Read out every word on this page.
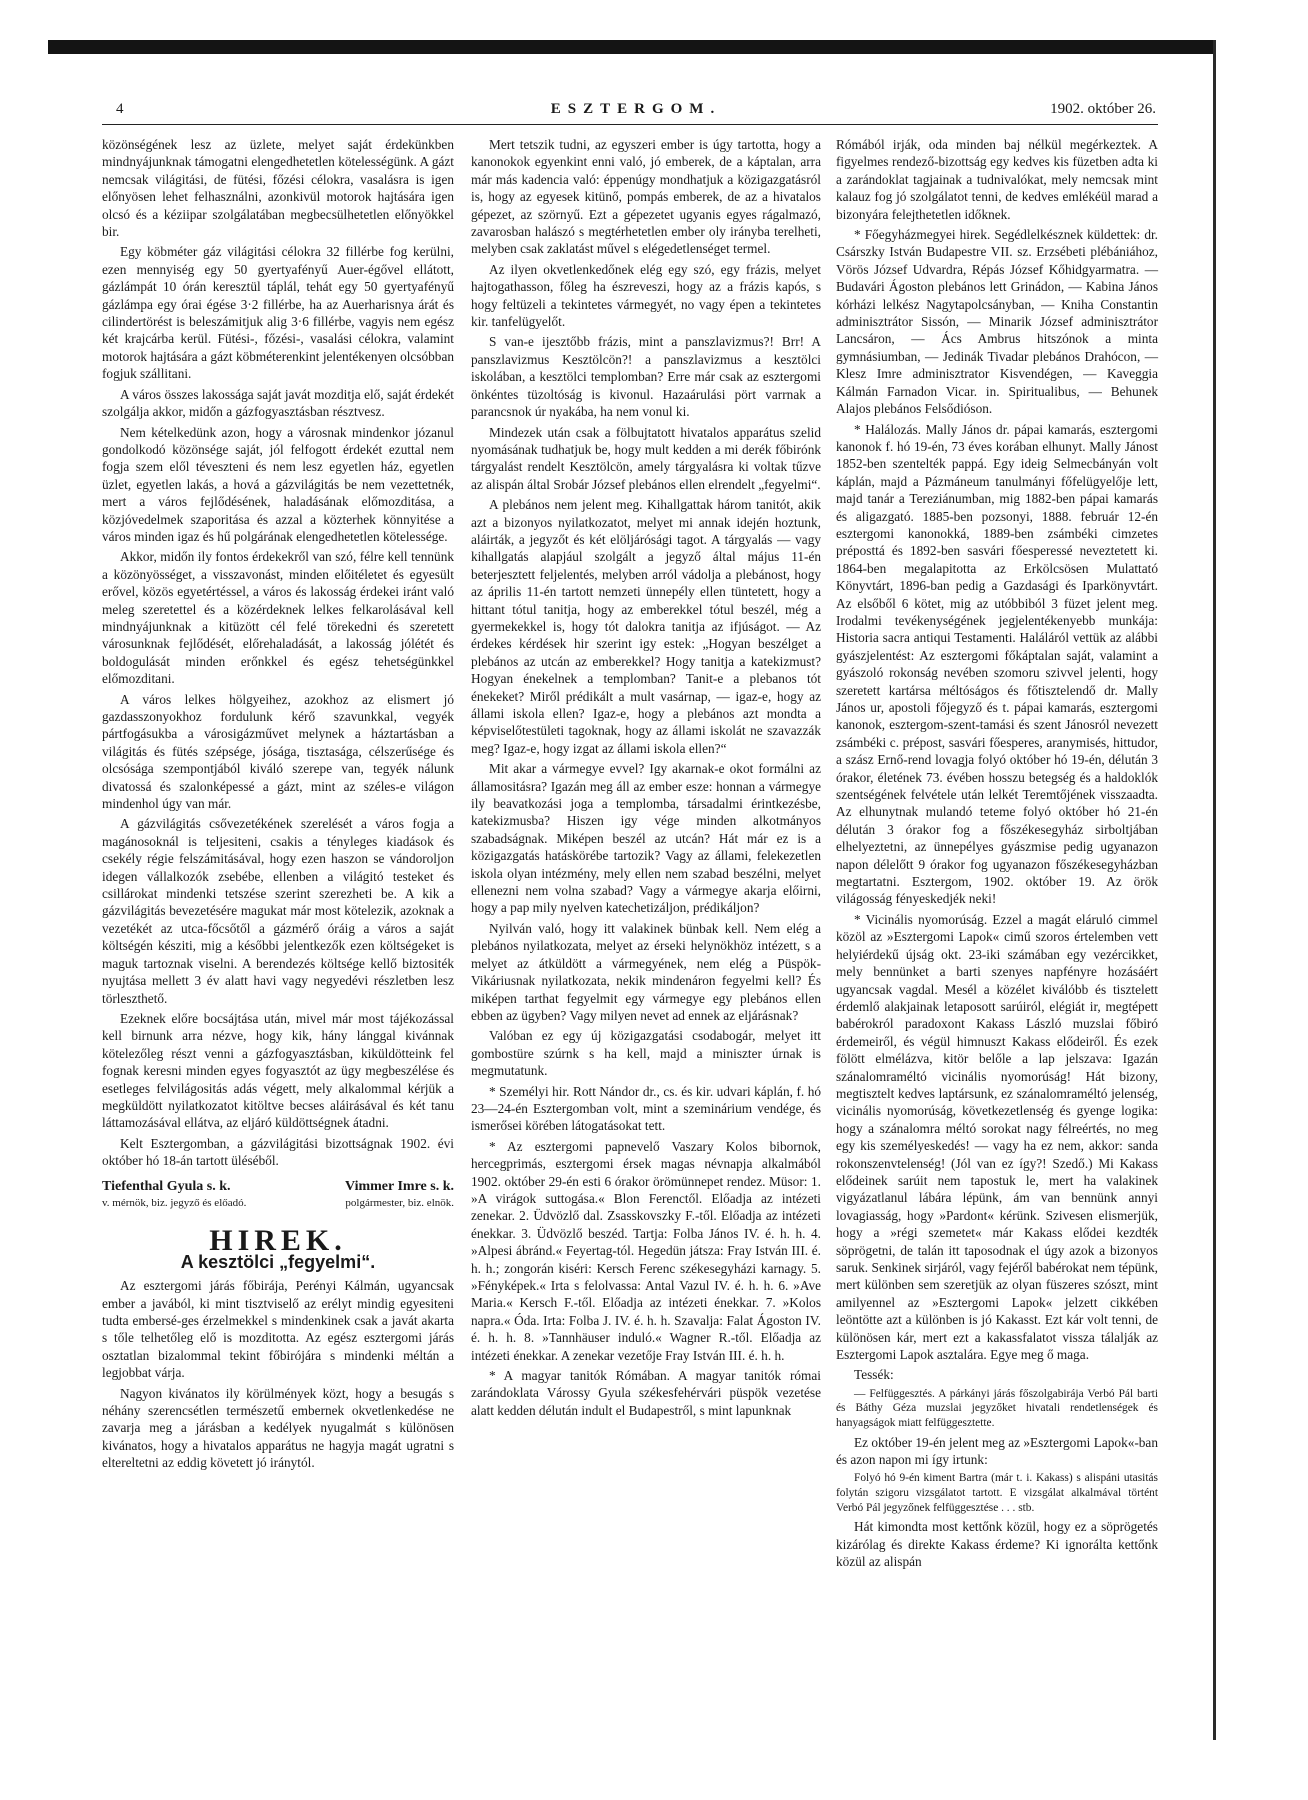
4	ESZTERGOM.	1902. október 26.

közönségének lesz az üzlete, melyet saját érdekünkben mindnyájunknak támogatni elengedhetetlen kötelességünk. A gázt nemcsak világitási, de fütési, főzési célokra, vasalásra is igen előnyösen lehet felhasználni, azonkivül motorok hajtására igen olcsó és a kéziipar szolgálatában megbecsülhetetlen előnyökkel bir.

Egy köbméter gáz világitási célokra 32 fillérbe fog kerülni, ezen mennyiség egy 50 gyertyafényű Auer-égővel ellátott, gázlámpát 10 órán keresztül táplál, tehát egy 50 gyertyafényű gázlámpa egy órai égése 3·2 fillérbe, ha az Auerharisnya árát és cilindertörést is beleszámitjuk alig 3·6 fillérbe, vagyis nem egész két krajcárba kerül. Fütési-, főzési-, vasalási célokra, valamint motorok hajtására a gázt köbméterenkint jelentékenyen olcsóbban fogjuk szállitani.

A város összes lakossága saját javát mozditja elő, saját érdekét szolgálja akkor, midőn a gázfogyasztásban résztvesz.

Nem kételkedünk azon, hogy a városnak mindenkor józanul gondolkodó közönsége saját, jól felfogott érdekét ezuttal nem fogja szem elől téveszteni és nem lesz egyetlen ház, egyetlen üzlet, egyetlen lakás, a hová a gázvilágitás be nem vezettetnék, mert a város fejlődésének, haladásának előmozditása, a közjóvedelmek szaporitása és azzal a közterhek könnyitése a város minden igaz és hű polgárának elengedhetetlen kötelessége.

Akkor, midőn ily fontos érdekekről van szó, félre kell tennünk a közönyösséget, a visszavonást, minden előitéletet és egyesült erővel, közös egyetértéssel, a város és lakosság érdekei iránt való meleg szeretettel és a közérdeknek lelkes felkarolásával kell mindnyájunknak a kitüzött cél felé törekedni és szeretett városunknak fejlődését, előrehaladását, a lakosság jólétét és boldogulását minden erőnkkel és egész tehetségünkkel előmozditani.

A város lelkes hölgyeihez, azokhoz az elismert jó gazdasszonyokhoz fordulunk kérő szavunkkal, vegyék pártfogásukba a városigázművet melynek a háztartásban a világitás és fütés szépsége, jósága, tisztasága, célszerűsége és olcsósága szempontjából kiváló szerepe van, tegyék nálunk divatossá és szalonképessé a gázt, mint az széles-e világon mindenhol úgy van már.

A gázvilágitás csővezetékének szerelését a város fogja a magánosoknál is teljesiteni, csakis a tényleges kiadások és csekély régie felszámitásával, hogy ezen haszon se vándoroljon idegen vállalkozók zsebébe, ellenben a világitó testeket és csillárokat mindenki tetszése szerint szerezheti be. A kik a gázvilágitás bevezetésére magukat már most kötelezik, azoknak a vezetékét az utca-főcsőtől a gázmérő óráig a város a saját költségén késziti, mig a későbbi jelentkezők ezen költségeket is maguk tartoznak viselni. A berendezés költsége kellő biztositék nyujtása mellett 3 év alatt havi vagy negyedévi részletben lesz törleszthető.

Ezeknek előre bocsájtása után, mivel már most tájékozással kell birnunk arra nézve, hogy kik, hány lánggal kivánnak kötelezőleg részt venni a gázfogyasztásban, kiküldötteink fel fognak keresni minden egyes fogyasztót az ügy megbeszélése és esetleges felvilágositás adás végett, mely alkalommal kérjük a megküldött nyilatkozatot kitöltve becses aláirásával és két tanu láttamozásával ellátva, az eljáró küldöttségnek átadni.

Kelt Esztergomban, a gázvilágitási bizottságnak 1902. évi október hó 18-án tartott üléséből.

Tiefenthal Gyula s. k.	Vimmer Imre s. k.
v. mérnök, biz. jegyző és előadó.	polgármester, biz. elnök.
HIREK.
A kesztölci „fegyelmi“.

Az esztergomi járás főbirája, Perényi Kálmán, ugyancsak ember a javából, ki mint tisztviselő az erélyt mindig egyesiteni tudta embersé-ges érzelmekkel s mindenkinek csak a javát akarta s tőle telhetőleg elő is mozditotta. Az egész esztergomi járás osztatlan bizalommal tekint főbirójára s mindenki méltán a legjobbat várja.

Nagyon kivánatos ily körülmények közt, hogy a besugás s néhány szerencsétlen természetű embernek okvetlenkedése ne zavarja meg a járásban a kedélyek nyugalmát s különösen kivánatos, hogy a hivatalos apparátus ne hagyja magát ugratni s eltereltetni az eddig követett jó iránytól.

Mert tetszik tudni, az egyszeri ember is úgy tartotta, hogy a kanonokok egyenkint enni való, jó emberek, de a káptalan, arra már más kadencia való: éppenúgy mondhatjuk a közigazgatásról is, hogy az egyesek kitünő, pompás emberek, de az a hivatalos gépezet, az szörnyű. Ezt a gépezetet ugyanis egyes rágalmazó, zavarosban halászó s megtérhetetlen ember oly irányba terelheti, melyben csak zaklatást művel s elégedetlenséget termel.

Az ilyen okvetlenkedőnek elég egy szó, egy frázis, melyet hajtogathasson, főleg ha észreveszi, hogy az a frázis kapós, s hogy feltüzeli a tekintetes vármegyét, no vagy épen a tekintetes kir. tanfelügyelőt.

S van-e ijesztőbb frázis, mint a panszlavizmus?! Brr! A panszlavizmus Kesztölcön?! a panszlavizmus a kesztölci iskolában, a kesztölci templomban? Erre már csak az esztergomi önkéntes tüzoltóság is kivonul. Hazaárulási pört varrnak a parancsnok úr nyakába, ha nem vonul ki.

Mindezek után csak a fölbujtatott hivatalos apparátus szelid nyomásának tudhatjuk be, hogy mult kedden a mi derék főbirónk tárgyalást rendelt Kesztölcön, amely tárgyalásra ki voltak tűzve az alispán által Srobár József plebános ellen elrendelt „fegyelmi“.

A plebános nem jelent meg. Kihallgattak három tanitót, akik azt a bizonyos nyilatkozatot, melyet mi annak idején hoztunk, aláirták, a jegyzőt és két elöljárósági tagot. A tárgyalás — vagy kihallgatás alapjául szolgált a jegyző által május 11-én beterjesztett feljelentés, melyben arról vádolja a plebánost, hogy az április 11-én tartott nemzeti ünnepély ellen tüntetett, hogy a hittant tótul tanitja, hogy az emberekkel tótul beszél, még a gyermekekkel is, hogy tót dalokra tanitja az ifjúságot. — Az érdekes kérdések hir szerint igy estek: „Hogyan beszélget a plebános az utcán az emberekkel? Hogy tanitja a katekizmust? Hogyan énekelnek a templomban? Tanit-e a plebanos tót énekeket? Miről prédikált a mult vasárnap, — igaz-e, hogy az állami iskola ellen? Igaz-e, hogy a plebános azt mondta a képviselőtestületi tagoknak, hogy az állami iskolát ne szavazzák meg? Igaz-e, hogy izgat az állami iskola ellen?“

Mit akar a vármegye evvel? Igy akarnak-e okot formálni az államositásra? Igazán meg áll az ember esze: honnan a vármegye ily beavatkozási joga a templomba, társadalmi érintkezésbe, katekizmusba? Hiszen igy vége minden alkotmányos szabadságnak. Miképen beszél az utcán? Hát már ez is a közigazgatás hatáskörébe tartozik? Vagy az állami, felekezetlen iskola olyan intézmény, mely ellen nem szabad beszélni, melyet ellenezni nem volna szabad? Vagy a vármegye akarja előirni, hogy a pap mily nyelven katechetizáljon, prédikáljon?

Nyilván való, hogy itt valakinek bünbak kell. Nem elég a plebános nyilatkozata, melyet az érseki helynökhöz intézett, s a melyet az átküldött a vármegyének, nem elég a Püspök-Vikáriusnak nyilatkozata, nekik mindenáron fegyelmi kell? És miképen tarthat fegyelmit egy vármegye egy plebános ellen ebben az ügyben? Vagy milyen nevet ad ennek az eljárásnak?

Valóban ez egy új közigazgatási csodabogár, melyet itt gombostüre szúrnk s ha kell, majd a miniszter úrnak is megmutatunk.

* Személyi hir. Rott Nándor dr., cs. és kir. udvari káplán, f. hó 23—24-én Esztergomban volt, mint a szeminárium vendége, és ismerősei körében látogatásokat tett.

* Az esztergomi papnevelő Vaszary Kolos bibornok, hercegprimás, esztergomi érsek magas névnapja alkalmából 1902. október 29-én esti 6 órakor örömünnepet rendez. Müsor: 1. »A virágok suttogása.« Blon Ferenctől. Előadja az intézeti zenekar. 2. Üdvözlő dal. Zsasskovszky F.-től. Előadja az intézeti énekkar. 3. Üdvözlő beszéd. Tartja: Folba János IV. é. h. h. 4. »Alpesi ábránd.« Feyertag-tól. Hegedün játsza: Fray István III. é. h. h.; zongorán kiséri: Kersch Ferenc székesegyházi karnagy. 5. »Fényképek.« Irta s felolvassa: Antal Vazul IV. é. h. h. 6. »Ave Maria.« Kersch F.-től. Előadja az intézeti énekkar. 7. »Kolos napra.« Óda. Irta: Folba J. IV. é. h. h. Szavalja: Falat Ágoston IV. é. h. h. 8. »Tannhäuser induló.« Wagner R.-től. Előadja az intézeti énekkar. A zenekar vezetője Fray István III. é. h. h.

* A magyar tanitók Rómában. A magyar tanitók római zarándoklata Várossy Gyula székesfehérvári püspök vezetése alatt kedden délután indult el Budapestről, s mint lapunknak

Rómából irják, oda minden baj nélkül megérkeztek. A figyelmes rendező-bizottság egy kedves kis füzetben adta ki a zarándoklat tagjainak a tudnivalókat, mely nemcsak mint kalauz fog jó szolgálatot tenni, de kedves emlékéül marad a bizonyára felejthetetlen időknek.

* Főegyházmegyei hirek. Segédlelkésznek küldettek: dr. Csárszky István Budapestre VII. sz. Erzsébeti plébániához, Vörös József Udvardra, Répás József Kőhidgyarmatra. — Budavári Ágoston plebános lett Grinádon, — Kabina János kórházi lelkész Nagytapolcsányban, — Kniha Constantin adminisztrátor Sissón, — Minarik József adminisztrátor Lancsáron, — Ács Ambrus hitszónok a minta gymnásiumban, — Jedinák Tivadar plebános Drahócon, — Klesz Imre adminisztrator Kisvendégen, — Kaveggia Kálmán Farnadon Vicar. in. Spiritualibus, — Behunek Alajos plebános Felsődióson.

* Halálozás. Mally János dr. pápai kamarás, esztergomi kanonok f. hó 19-én, 73 éves korában elhunyt. Mally Jánost 1852-ben szentelték pappá. Egy ideig Selmecbányán volt káplán, majd a Pázmáneum tanulmányi főfelügyelője lett, majd tanár a Tereziánumban, mig 1882-ben pápai kamarás és aligazgató. 1885-ben pozsonyi, 1888. február 12-én esztergomi kanonokká, 1889-ben zsámbéki cimzetes préposttá és 1892-ben sasvári főesperessé neveztetett ki. 1864-ben megalapitotta az Erkölcsösen Mulattató Könyvtárt, 1896-ban pedig a Gazdasági és Iparkönyvtárt. Az elsőből 6 kötet, mig az utóbbiból 3 füzet jelent meg. Irodalmi tevékenységének jegjelentékenyebb munkája: Historia sacra antiqui Testamenti. Haláláról vettük az alábbi gyászjelentést: Az esztergomi főkáptalan saját, valamint a gyászoló rokonság nevében szomoru szivvel jelenti, hogy szeretett kartársa méltóságos és főtisztelendő dr. Mally János ur, apostoli főjegyző és t. pápai kamarás, esztergomi kanonok, esztergom-szent-tamási és szent Jánosról nevezett zsámbéki c. prépost, sasvári főesperes, aranymisés, hittudor, a szász Ernő-rend lovagja folyó október hó 19-én, délután 3 órakor, életének 73. évében hosszu betegség és a haldoklók szentségének felvétele után lelkét Teremtőjének visszaadta. Az elhunytnak mulandó teteme folyó október hó 21-én délután 3 órakor fog a főszékesegyház sirboltjában elhelyeztetni, az ünnepélyes gyászmise pedig ugyanazon napon délelőtt 9 órakor fog ugyanazon főszékesegyházban megtartatni. Esztergom, 1902. október 19. Az örök világosság fényeskedjék neki!

* Vicinális nyomorúság. Ezzel a magát eláruló cimmel közöl az »Esztergomi Lapok« cimű szoros értelemben vett helyiérdekű újság okt. 23-iki számában egy vezércikket, mely bennünket a barti szenyes napfényre hozásáért ugyancsak vagdal. Mesél a közélet kiválóbb és tisztelett érdemlő alakjainak letaposott sarúiról, elégiát ir, megtépett babérokról paradoxont Kakass László muzslai főbiró érdemeiről, és végül himnuszt Kakass elődeiről. És ezek fölött elmélázva, kitör belőle a lap jelszava: Igazán szánalomraméltó vicinális nyomorúság! Hát bizony, megtisztelt kedves laptársunk, ez szánalomraméltó jelenség, vicinális nyomorúság, következetlenség és gyenge logika: hogy a szánalomra méltó sorokat nagy félreértés, no meg egy kis személyeskedés! — vagy ha ez nem, akkor: sanda rokonszenvtelenség! (Jól van ez így?! Szedő.) Mi Kakass elődeinek sarúit nem tapostuk le, mert ha valakinek vigyázatlanul lábára lépünk, ám van bennünk annyi lovagiasság, hogy »Pardont« kérünk. Szivesen elismerjük, hogy a »régi szemetet« már Kakass elődei kezdték söprögetni, de talán itt taposodnak el úgy azok a bizonyos saruk. Senkinek sirjáról, vagy fejéről babérokat nem tépünk, mert különben sem szeretjük az olyan füszeres szószt, mint amilyennel az »Esztergomi Lapok« jelzett cikkében leöntötte azt a különben is jó Kakasst. Ezt kár volt tenni, de különösen kár, mert ezt a kakassfalatot vissza tálalják az Esztergomi Lapok asztalára. Egye meg ő maga.

Tessék:

— Felfüggesztés. A párkányi járás főszolgabirája Verbó Pál barti és Báthy Géza muzslai jegyzőket hivatali rendetlenségek és hanyagságok miatt felfüggesztette.

Ez október 19-én jelent meg az »Esztergomi Lapok«-ban és azon napon mi így irtunk:

Folyó hó 9-én kiment Bartra (már t. i. Kakass) s alispáni utasitás folytán szigoru vizsgálatot tartott. E vizsgálat alkalmával történt Verbó Pál jegyzőnek felfüggesztése . . . stb.

Hát kimondta most kettőnk közül, hogy ez a söprögetés kizárólag és direkte Kakass érdeme? Ki ignorálta kettőnk közül az alispán
